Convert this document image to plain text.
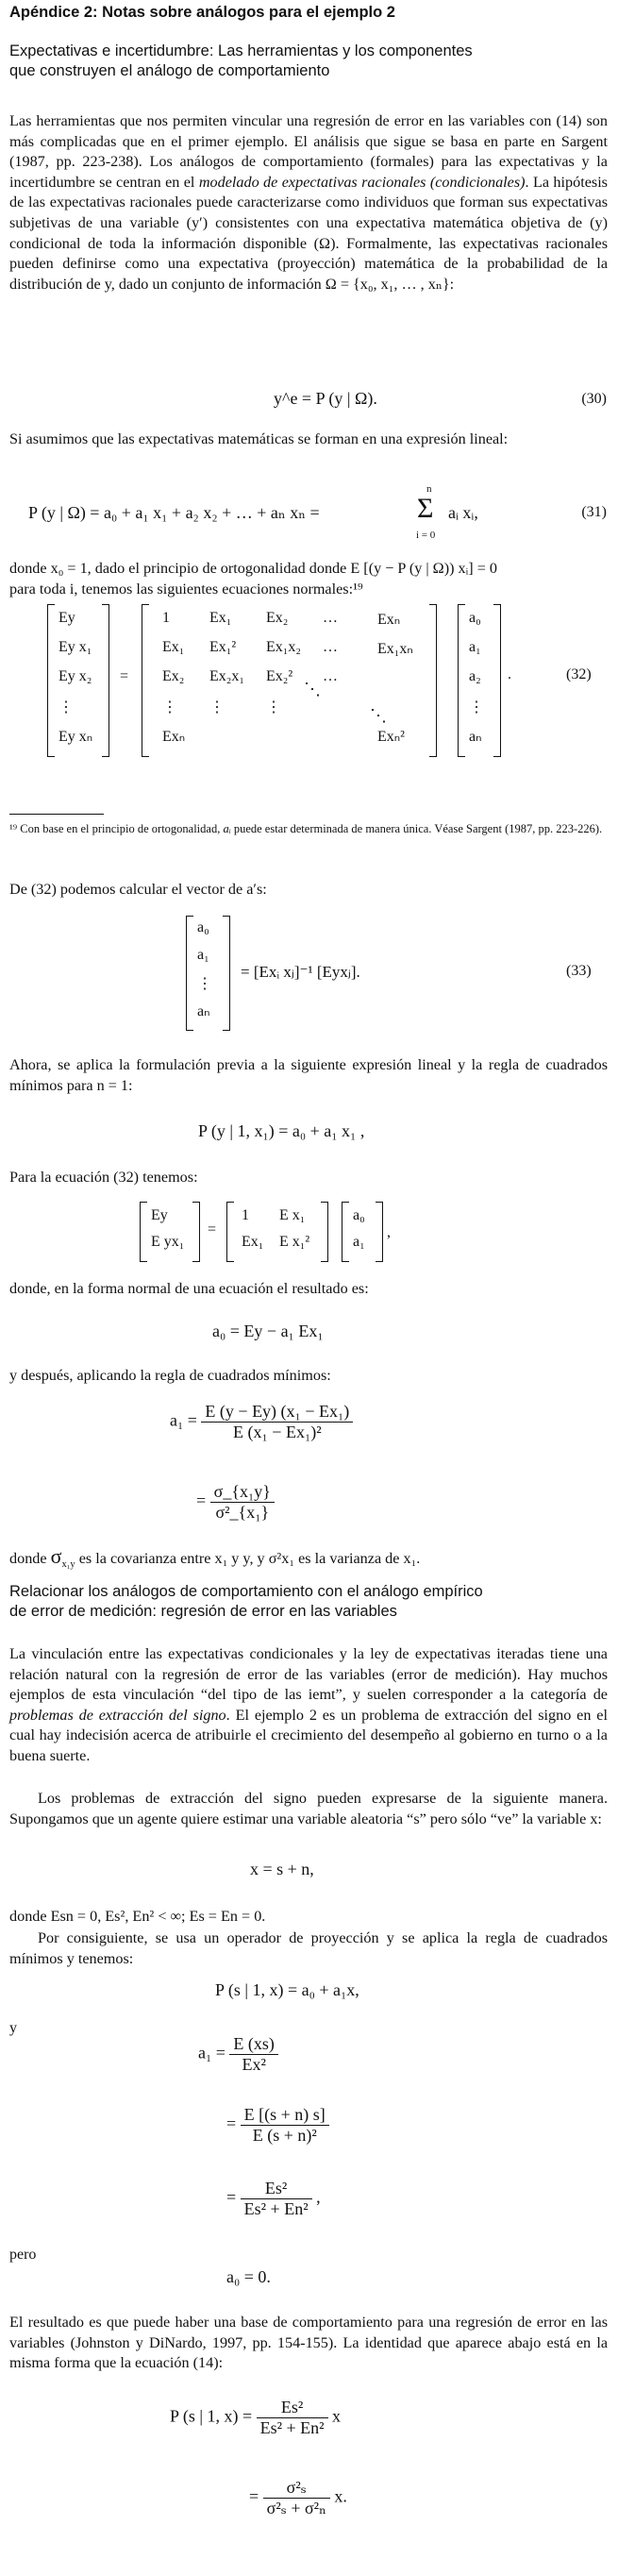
Apéndice 2: Notas sobre análogos para el ejemplo 2
Expectativas e incertidumbre: Las herramientas y los componentes
que construyen el análogo de comportamiento

Las herramientas que nos permiten vincular una regresión de error en las variables con (14) son más complicadas que en el primer ejemplo. El análisis que sigue se basa en parte en Sargent (1987, pp. 223-238). Los análogos de comportamiento (formales) para las expectativas y la incertidumbre se centran en el modelado de expectativas racionales (condicionales). La hipótesis de las expectativas racionales puede caracterizarse como individuos que forman sus expectativas subjetivas de una variable (y′) consistentes con una expectativa matemática objetiva de (y) condicional de toda la información disponible (Ω). Formalmente, las expectativas racionales pueden definirse como una expectativa (proyección) matemática de la probabilidad de la distribución de y, dado un conjunto de información Ω = {x₀, x₁, … , xₙ}:

y^e = P (y | Ω).	(30)

Si asumimos que las expectativas matemáticas se forman en una expresión lineal:

P (y | Ω) = a₀ + a₁ x₁ + a₂ x₂ + … + aₙ xₙ =
n
Σ
i = 0
aᵢ xᵢ,	(31)

donde x₀ = 1, dado el principio de ortogonalidad donde E [(y − P (y | Ω)) xᵢ] = 0
para toda i, tenemos las siguientes ecuaciones normales:¹⁹

Ey
Ey x₁
Ey x₂
⋮
Ey xₙ
=
1	Ex₁ Ex₂ …	Exₙ
Ex₁ Ex₁² Ex₁x₂ …	Ex₁xₙ
Ex₂ Ex₂x₁ Ex₂² …
⋮ ⋮	⋮
Exₙ	Exₙ²
⋱
⋱
a₀
a₁
a₂
⋮
aₙ
.	(32)

¹⁹ Con base en el principio de ortogonalidad, aᵢ puede estar determinada de manera única. Véase Sargent (1987, pp. 223-226).

De (32) podemos calcular el vector de a′s:

a₀
a₁
⋮
aₙ
= [Exᵢ xⱼ]⁻¹ [Eyxⱼ].	(33)

Ahora, se aplica la formulación previa a la siguiente expresión lineal y la regla de cuadrados mínimos para n = 1:

P (y | 1, x₁) = a₀ + a₁ x₁ ,

Para la ecuación (32) tenemos:

Ey
E yx₁
=
1 E x₁
Ex₁ E x₁²
a₀
a₁
,

donde, en la forma normal de una ecuación el resultado es:

a₀ = Ey − a₁ Ex₁

y después, aplicando la regla de cuadrados mínimos:

$a_1 = \frac{\text{E (y − Ey) (x₁ − Ex₁)}}{\text{E (x₁ − Ex₁)²}}$
= $\frac{\text{σ\_\{x₁y\}}}{\text{σ²\_\{x₁\}}}$

donde $\sigma_{x_1y}$ es la covarianza entre x₁ y y, y σ²x₁ es la varianza de x₁.

Relacionar los análogos de comportamiento con el análogo empírico
de error de medición: regresión de error en las variables

La vinculación entre las expectativas condicionales y la ley de expectativas iteradas tiene una relación natural con la regresión de error de las variables (error de medición). Hay muchos ejemplos de esta vinculación “del tipo de las iemt”, y suelen corresponder a la categoría de problemas de extracción del signo. El ejemplo 2 es un problema de extracción del signo en el cual hay indecisión acerca de atribuirle el crecimiento del desempeño al gobierno en turno o a la buena suerte.

Los problemas de extracción del signo pueden expresarse de la siguiente manera. Supongamos que un agente quiere estimar una variable aleatoria “s” pero sólo “ve” la variable x:

x = s + n,

donde Esn = 0, Es², En² < ∞; Es = En = 0.

Por consiguiente, se usa un operador de proyección y se aplica la regla de cuadrados mínimos y tenemos:

P (s | 1, x) = a₀ + a₁x,
y
$a_1 = \frac{E (xs)}{\text{Ex²}}$
= $\frac{E [(s + n) s]}{\text{E (s + n)²}}$
= $\frac{\text{Es²}}{\text{Es² + En²}}$ ,
pero
a₀ = 0.

El resultado es que puede haber una base de comportamiento para una regresión de error en las variables (Johnston y DiNardo, 1997, pp. 154-155). La identidad que aparece abajo está en la misma forma que la ecuación (14):

P (s | 1, $x) = \frac{\text{Es²}}{\text{Es² + En²}}$ x
= $\frac{\text{σ²ₛ}}{\text{σ²ₛ + σ²ₙ}} x$.
